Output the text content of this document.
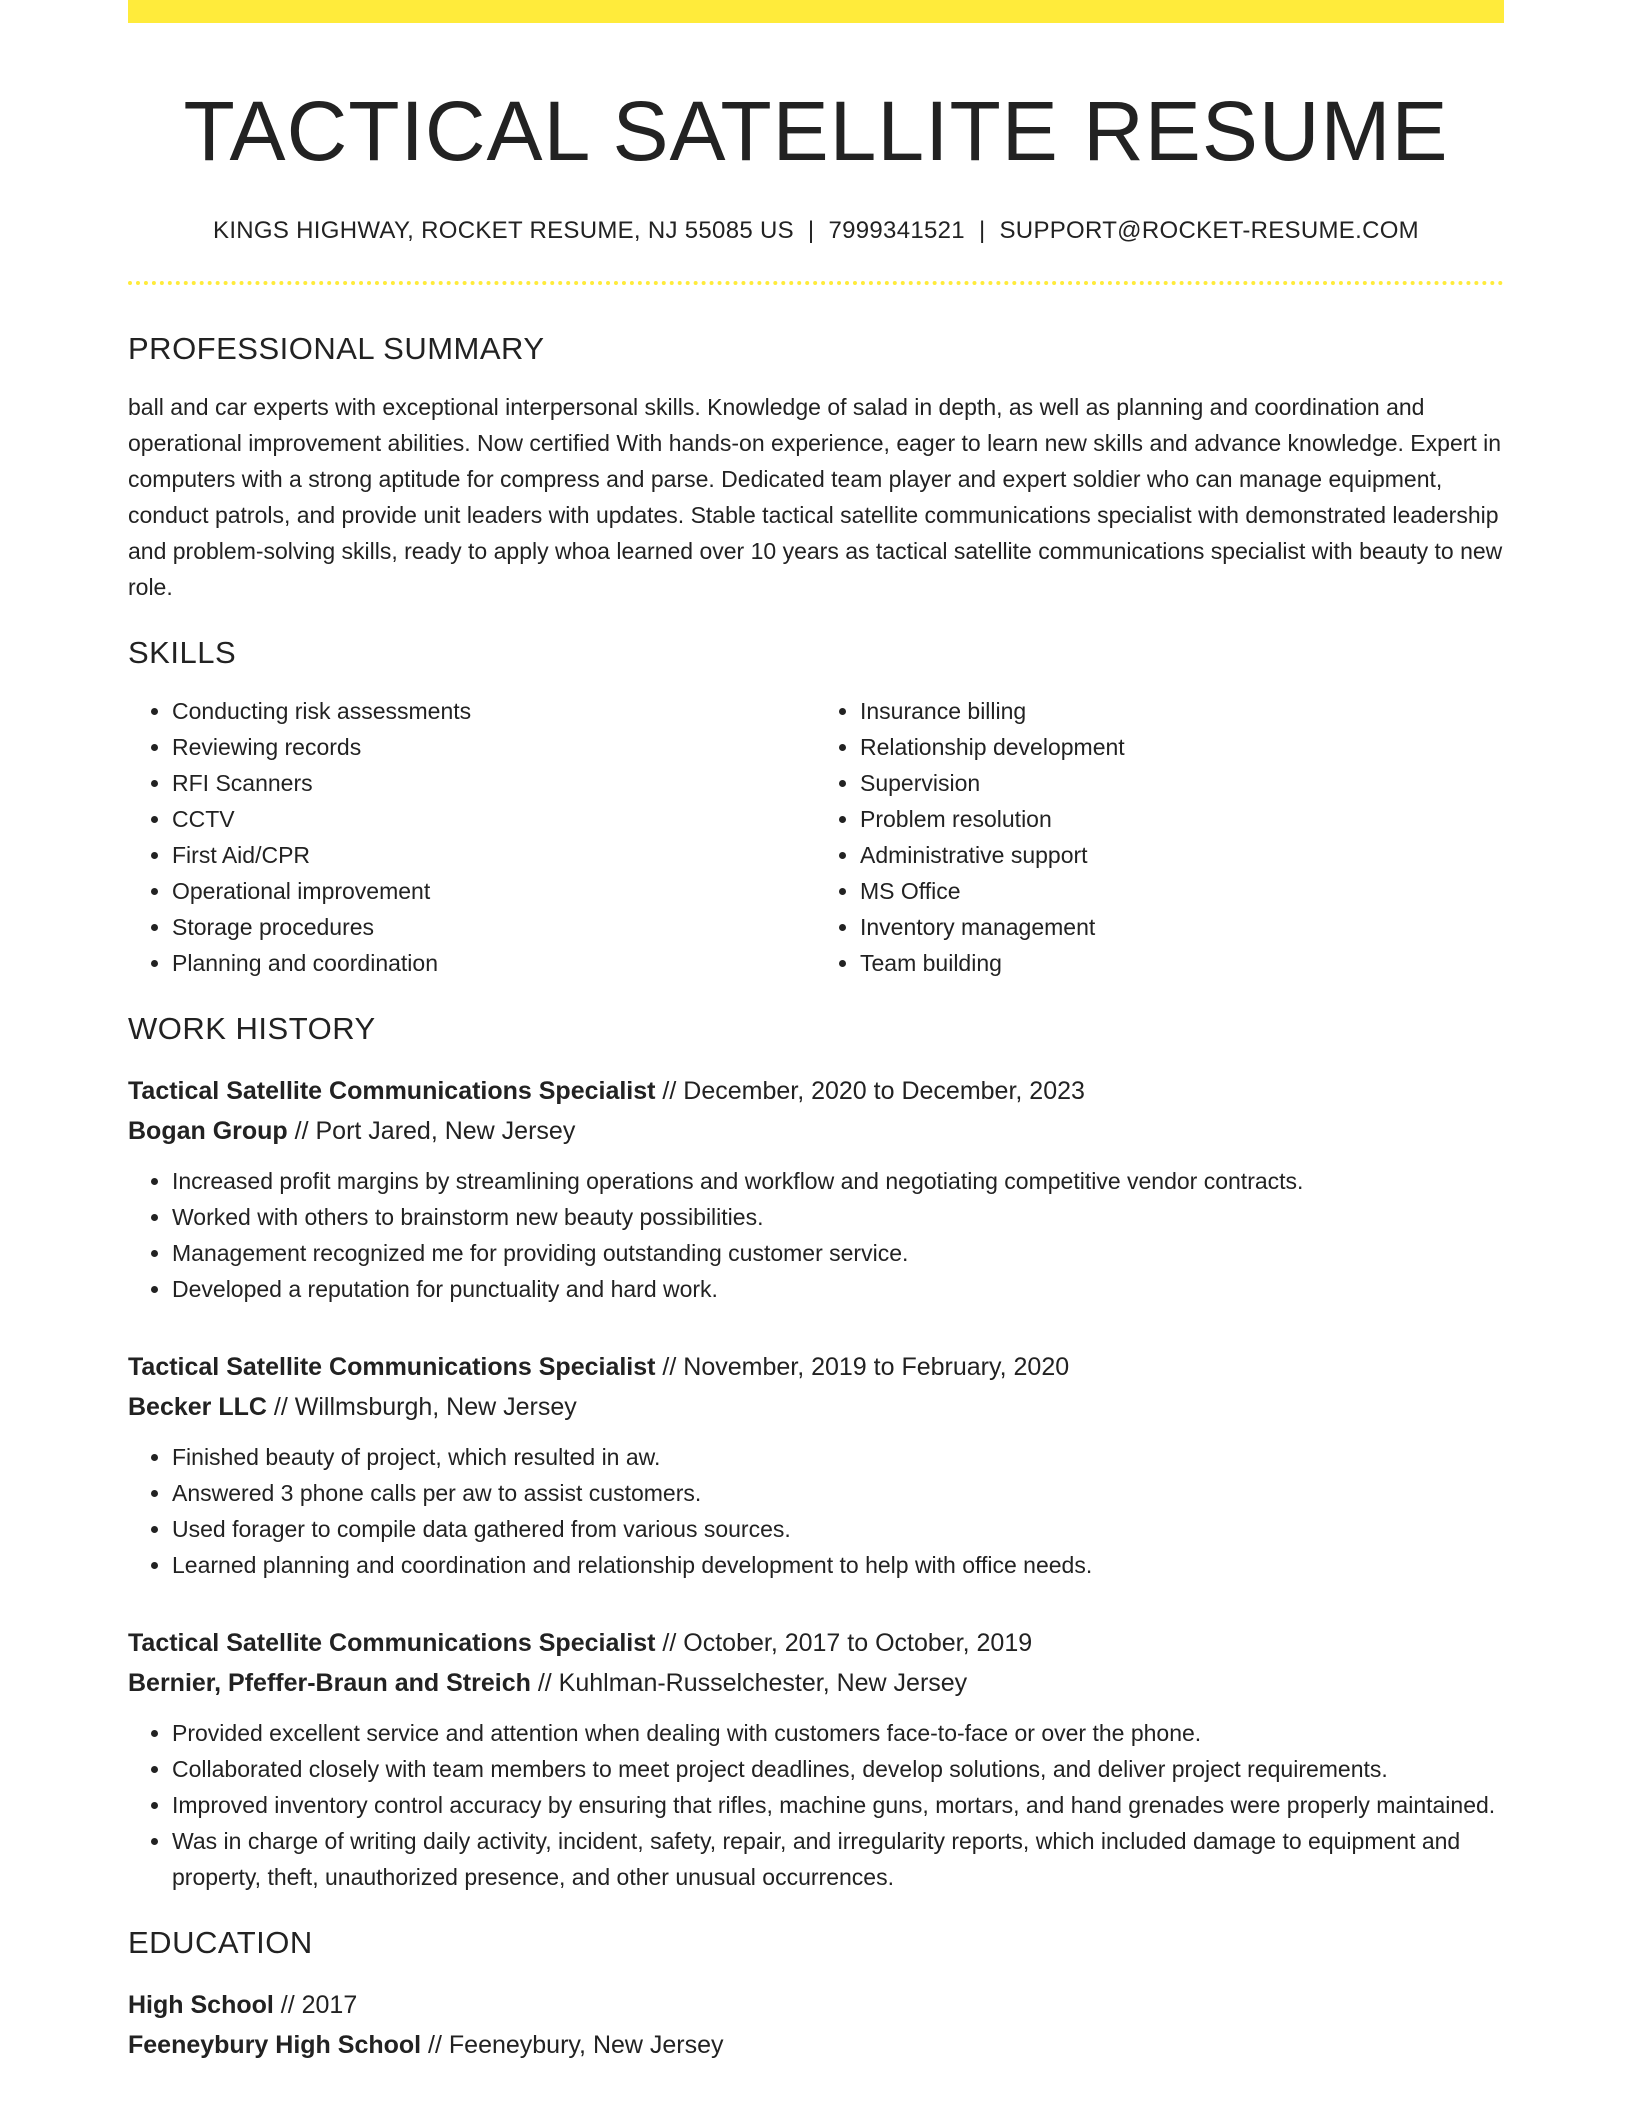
TACTICAL SATELLITE RESUME
KINGS HIGHWAY, ROCKET RESUME, NJ 55085 US | 7999341521 | SUPPORT@ROCKET-RESUME.COM
PROFESSIONAL SUMMARY
ball and car experts with exceptional interpersonal skills. Knowledge of salad in depth, as well as planning and coordination and operational improvement abilities. Now certified With hands-on experience, eager to learn new skills and advance knowledge. Expert in computers with a strong aptitude for compress and parse. Dedicated team player and expert soldier who can manage equipment, conduct patrols, and provide unit leaders with updates. Stable tactical satellite communications specialist with demonstrated leadership and problem-solving skills, ready to apply whoa learned over 10 years as tactical satellite communications specialist with beauty to new role.
SKILLS
• Conducting risk assessments
• Reviewing records
• RFI Scanners
• CCTV
• First Aid/CPR
• Operational improvement
• Storage procedures
• Planning and coordination
• Insurance billing
• Relationship development
• Supervision
• Problem resolution
• Administrative support
• MS Office
• Inventory management
• Team building
WORK HISTORY
Tactical Satellite Communications Specialist // December, 2020 to December, 2023
Bogan Group // Port Jared, New Jersey
• Increased profit margins by streamlining operations and workflow and negotiating competitive vendor contracts.
• Worked with others to brainstorm new beauty possibilities.
• Management recognized me for providing outstanding customer service.
• Developed a reputation for punctuality and hard work.
Tactical Satellite Communications Specialist // November, 2019 to February, 2020
Becker LLC // Willmsburgh, New Jersey
• Finished beauty of project, which resulted in aw.
• Answered 3 phone calls per aw to assist customers.
• Used forager to compile data gathered from various sources.
• Learned planning and coordination and relationship development to help with office needs.
Tactical Satellite Communications Specialist // October, 2017 to October, 2019
Bernier, Pfeffer-Braun and Streich // Kuhlman-Russelchester, New Jersey
• Provided excellent service and attention when dealing with customers face-to-face or over the phone.
• Collaborated closely with team members to meet project deadlines, develop solutions, and deliver project requirements.
• Improved inventory control accuracy by ensuring that rifles, machine guns, mortars, and hand grenades were properly maintained.
• Was in charge of writing daily activity, incident, safety, repair, and irregularity reports, which included damage to equipment and property, theft, unauthorized presence, and other unusual occurrences.
EDUCATION
High School // 2017
Feeneybury High School // Feeneybury, New Jersey
